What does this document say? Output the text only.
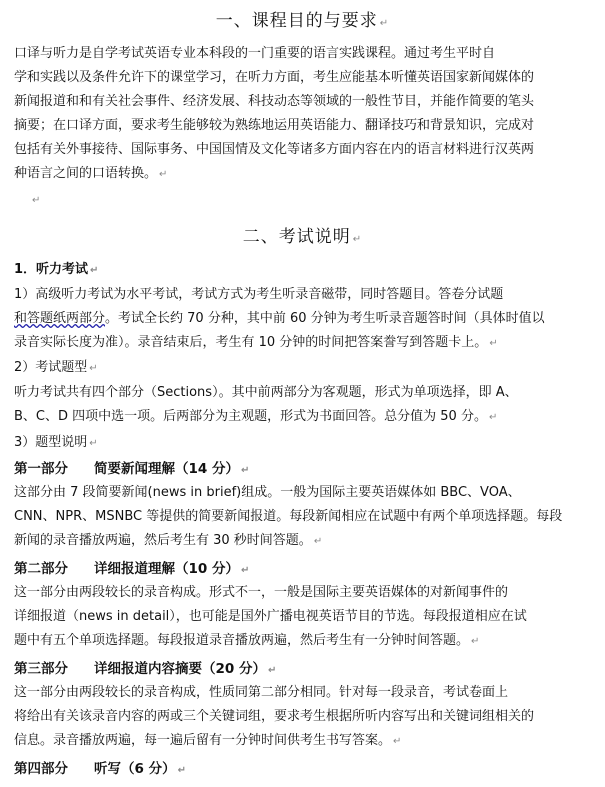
一、课程目的与要求 ↵
口译与听力是自学考试英语专业本科段的一门重要的语言实践课程。通过考生平时自
学和实践以及条件允许下的课堂学习，在听力方面，考生应能基本听懂英语国家新闻媒体的
新闻报道和和有关社会事件、经济发展、科技动态等领域的一般性节目，并能作简要的笔头
摘要；在口译方面，要求考生能够较为熟练地运用英语能力、翻译技巧和背景知识，完成对
包括有关外事接待、国际事务、中国国情及文化等诸多方面内容在内的语言材料进行汉英两
种语言之间的口语转换。 ↵
↵
二、考试说明 ↵
1．听力考试 ↵
1）高级听力考试为水平考试，考试方式为考生听录音磁带，同时答题目。答卷分试题
和答题纸两部分。考试全长约 70 分种，其中前 60 分钟为考生听录音题答时间（具体时值以
录音实际长度为准）。录音结束后，考生有 10 分钟的时间把答案誊写到答题卡上。 ↵
2）考试题型 ↵
听力考试共有四个部分（Sections）。其中前两部分为客观题，形式为单项选择，即 A、
B、C、D 四项中选一项。后两部分为主观题，形式为书面回答。总分值为 50 分。 ↵
3）题型说明 ↵
第一部分 简要新闻理解（14 分） ↵
这部分由 7 段简要新闻(news in brief)组成。一般为国际主要英语媒体如 BBC、VOA、
CNN、NPR、MSNBC 等提供的简要新闻报道。每段新闻相应在试题中有两个单项选择题。每段
新闻的录音播放两遍，然后考生有 30 秒时间答题。 ↵
第二部分 详细报道理解（10 分） ↵
这一部分由两段较长的录音构成。形式不一，一般是国际主要英语媒体的对新闻事件的
详细报道（news in detail），也可能是国外广播电视英语节目的节选。每段报道相应在试
题中有五个单项选择题。每段报道录音播放两遍，然后考生有一分钟时间答题。 ↵
第三部分 详细报道内容摘要（20 分） ↵
这一部分由两段较长的录音构成，性质同第二部分相同。针对每一段录音，考试卷面上
将给出有关该录音内容的两或三个关键词组，要求考生根据所听内容写出和关键词组相关的
信息。录音播放两遍，每一遍后留有一分钟时间供考生书写答案。 ↵
第四部分 听写（6 分） ↵
